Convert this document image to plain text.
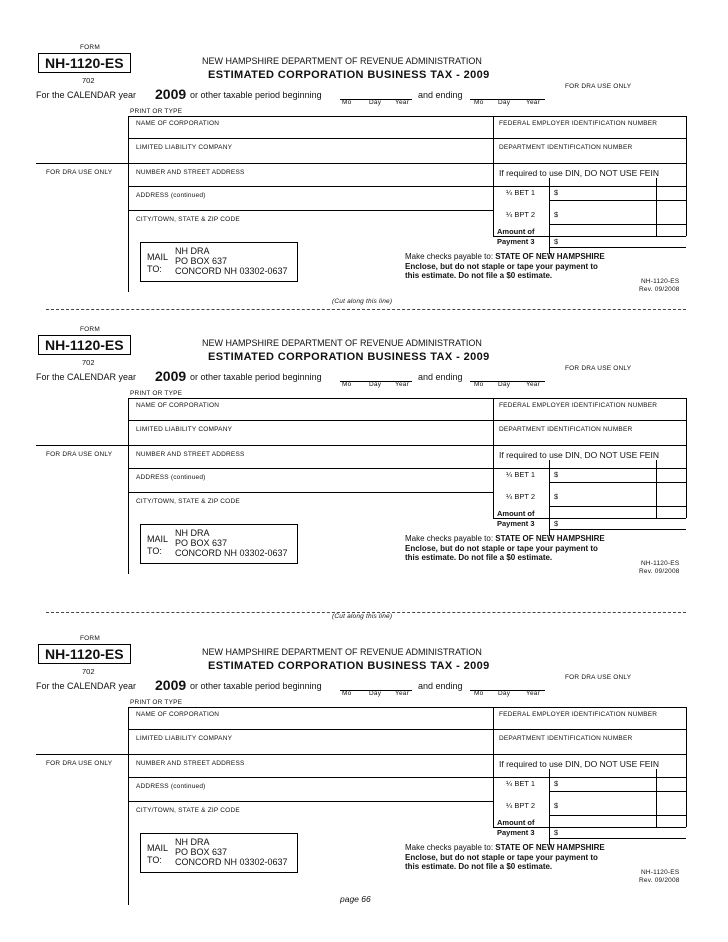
FORM
NH-1120-ES
702
NEW HAMPSHIRE DEPARTMENT OF REVENUE ADMINISTRATION
ESTIMATED CORPORATION BUSINESS TAX - 2009
FOR DRA USE ONLY
For the CALENDAR year 2009 or other taxable period beginning
Mo	Day Year
and ending
Mo Day Year
PRINT OR TYPE
NAME OF CORPORATION	FEDERAL EMPLOYER IDENTIFICATION NUMBER
LIMITED LIABILITY COMPANY	DEPARTMENT IDENTIFICATION NUMBER
FOR DRA USE ONLY	NUMBER AND STREET ADDRESS	If required to use DIN, DO NOT USE FEIN
ADDRESS (continued)
CITY/TOWN, STATE & ZIP CODE
¼ BET 1	$
¼ BPT 2	$
Amount of
Payment 3	$
MAIL
TO:
NH DRA
PO BOX 637
CONCORD NH 03302-0637
Make checks payable to: STATE OF NEW HAMPSHIRE
Enclose, but do not staple or tape your payment to
this estimate. Do not file a $0 estimate.
NH-1120-ES
Rev. 09/2008
(Cut along this line)
FORM
NH-1120-ES
702
NEW HAMPSHIRE DEPARTMENT OF REVENUE ADMINISTRATION
ESTIMATED CORPORATION BUSINESS TAX - 2009
FOR DRA USE ONLY
For the CALENDAR year 2009 or other taxable period beginning
Mo	Day Year
and ending
Mo Day Year
PRINT OR TYPE
NAME OF CORPORATION	FEDERAL EMPLOYER IDENTIFICATION NUMBER
LIMITED LIABILITY COMPANY	DEPARTMENT IDENTIFICATION NUMBER
FOR DRA USE ONLY	NUMBER AND STREET ADDRESS	If required to use DIN, DO NOT USE FEIN
ADDRESS (continued)
CITY/TOWN, STATE & ZIP CODE
¼ BET 1	$
¼ BPT 2	$
Amount of
Payment 3	$
MAIL
TO:
NH DRA
PO BOX 637
CONCORD NH 03302-0637
Make checks payable to: STATE OF NEW HAMPSHIRE
Enclose, but do not staple or tape your payment to
this estimate. Do not file a $0 estimate.
NH-1120-ES
Rev. 09/2008
(Cut along this line)
FORM
NH-1120-ES
702
NEW HAMPSHIRE DEPARTMENT OF REVENUE ADMINISTRATION
ESTIMATED CORPORATION BUSINESS TAX - 2009
FOR DRA USE ONLY
For the CALENDAR year 2009 or other taxable period beginning
Mo	Day Year
and ending
Mo Day Year
PRINT OR TYPE
NAME OF CORPORATION	FEDERAL EMPLOYER IDENTIFICATION NUMBER
LIMITED LIABILITY COMPANY	DEPARTMENT IDENTIFICATION NUMBER
FOR DRA USE ONLY	NUMBER AND STREET ADDRESS	If required to use DIN, DO NOT USE FEIN
ADDRESS (continued)
CITY/TOWN, STATE & ZIP CODE
¼ BET 1	$
¼ BPT 2	$
Amount of
Payment 3	$
MAIL
TO:
NH DRA
PO BOX 637
CONCORD NH 03302-0637
Make checks payable to: STATE OF NEW HAMPSHIRE
Enclose, but do not staple or tape your payment to
this estimate. Do not file a $0 estimate.
NH-1120-ES
Rev. 09/2008
page 66
